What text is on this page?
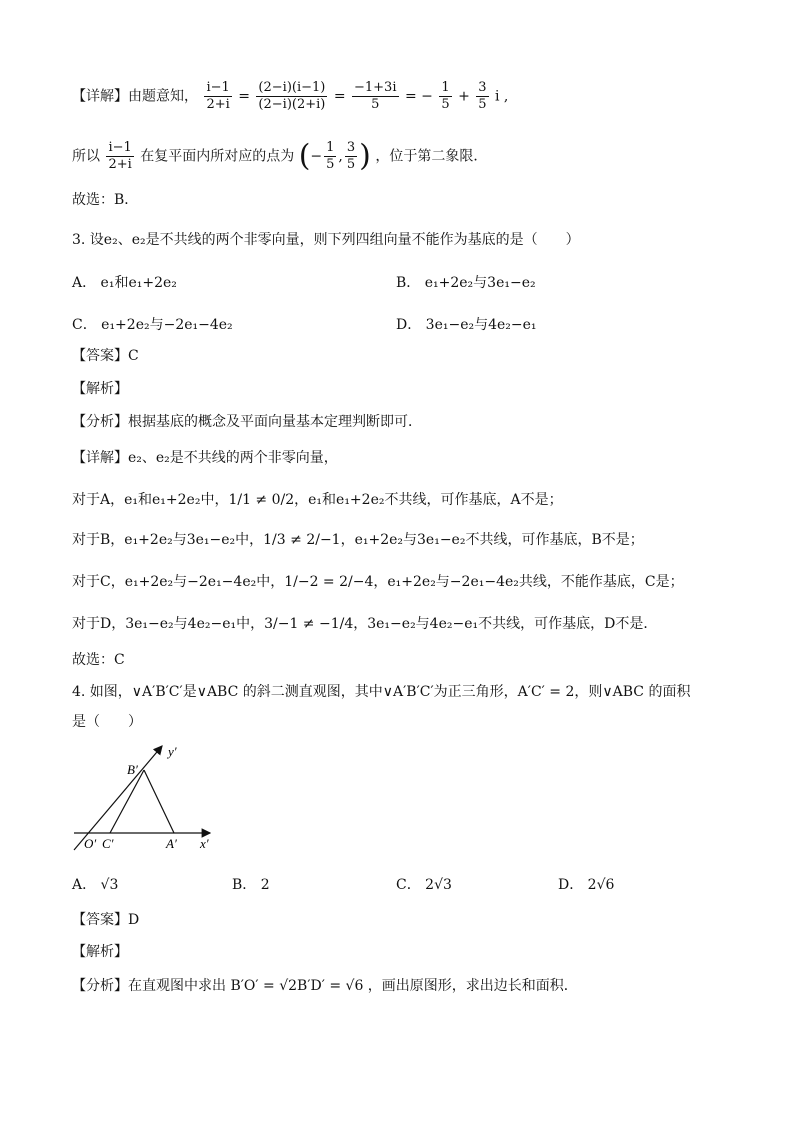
【详解】由题意知， $\frac{i-1}{2+i} = \frac{(2-i)(i-1)}{(2-i)(2+i)} = \frac{-1+3i}{5}$ = − $\frac{1}{5} + \frac{3}{5}$ i ,
所以 $\frac{i-1}{2+i}$ 在复平面内所对应的点为 (− $\frac{1}{5}$ , $\frac{3}{5}$ ) ，位于第二象限．
故选：B．
3. 设e₂、e₂是不共线的两个非零向量，则下列四组向量不能作为基底的是（　　）
A． e₁和e₁+2e₂	B． e₁+2e₂与3e₁−e₂
C． e₁+2e₂与−2e₁−4e₂	D． 3e₁−e₂与4e₂−e₁
【答案】C
【解析】
【分析】根据基底的概念及平面向量基本定理判断即可．
【详解】e₂、e₂是不共线的两个非零向量，
对于A，e₁和e₁+2e₂中，1/1 ≠ 0/2，e₁和e₁+2e₂不共线，可作基底，A不是；
对于B，e₁+2e₂与3e₁−e₂中，1/3 ≠ 2/−1，e₁+2e₂与3e₁−e₂不共线，可作基底，B不是；
对于C，e₁+2e₂与−2e₁−4e₂中，1/−2 = 2/−4，e₁+2e₂与−2e₁−4e₂共线，不能作基底，C是；
对于D，3e₁−e₂与4e₂−e₁中，3/−1 ≠ −1/4，3e₁−e₂与4e₂−e₁不共线，可作基底，D不是．
故选：C
4. 如图，∨A′B′C′是∨ABC 的斜二测直观图，其中∨A′B′C′为正三角形，A′C′ = 2，则∨ABC 的面积
是（　　）
B′
y′
O′ C′	A′ x′
A． √3	B． 2	C． 2√3	D． 2√6
【答案】D
【解析】
【分析】在直观图中求出 B′O′ = √2B′D′ = √6 ，画出原图形，求出边长和面积．
